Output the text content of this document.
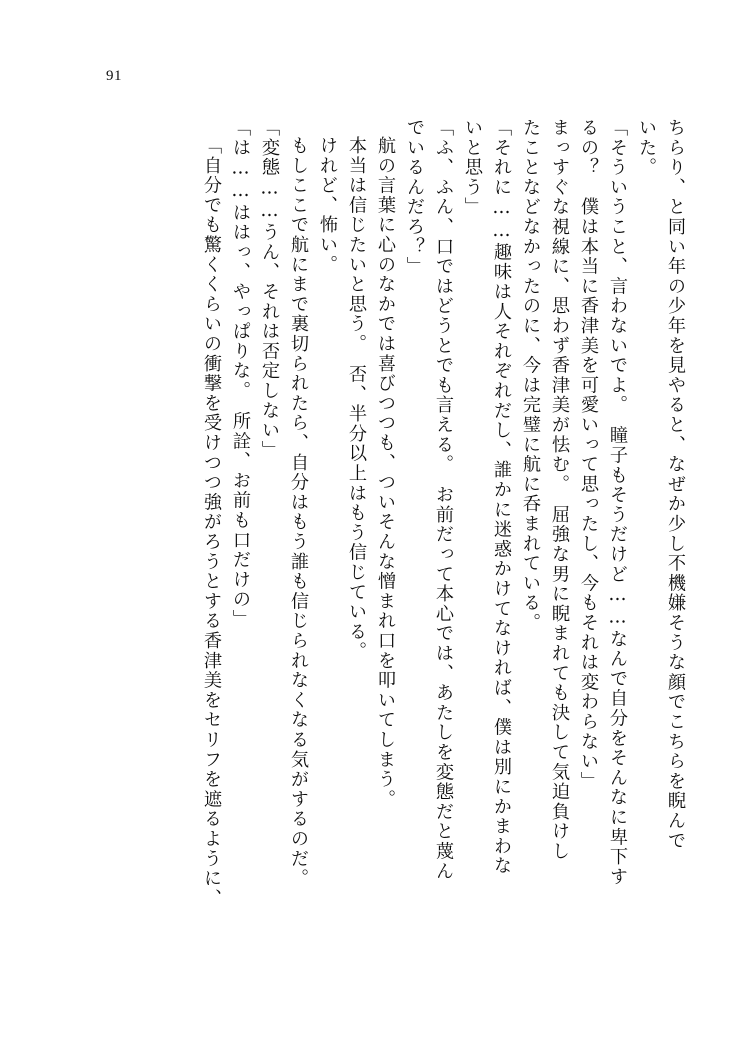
91
ちらり、と同い年の少年を見やると、なぜか少し不機嫌そうな顔でこちらを睨んで
いた。
「そういうこと、言わないでよ。　瞳子もそうだけど……なんで自分をそんなに卑下す
るの？　僕は本当に香津美を可愛いって思ったし、今もそれは変わらない」
まっすぐな視線に、思わず香津美が怯む。　屈強な男に睨まれても決して気迫負けし
たことなどなかったのに、今は完璧に航に呑まれている。
「それに……趣味は人それぞれだし、誰かに迷惑かけてなければ、僕は別にかまわな
いと思う」
「ふ、ふん、口ではどうとでも言える。　お前だって本心では、あたしを変態だと蔑ん
でいるんだろ？」
航の言葉に心のなかでは喜びつつも、ついそんな憎まれ口を叩いてしまう。
本当は信じたいと思う。　否、半分以上はもう信じている。
けれど、怖い。
もしここで航にまで裏切られたら、自分はもう誰も信じられなくなる気がするのだ。
「変態……うん、それは否定しない」
「は……ははっ、やっぱりな。　所詮、お前も口だけの」
「自分でも驚くくらいの衝撃を受けつつ強がろうとする香津美をセリフを遮るように、
